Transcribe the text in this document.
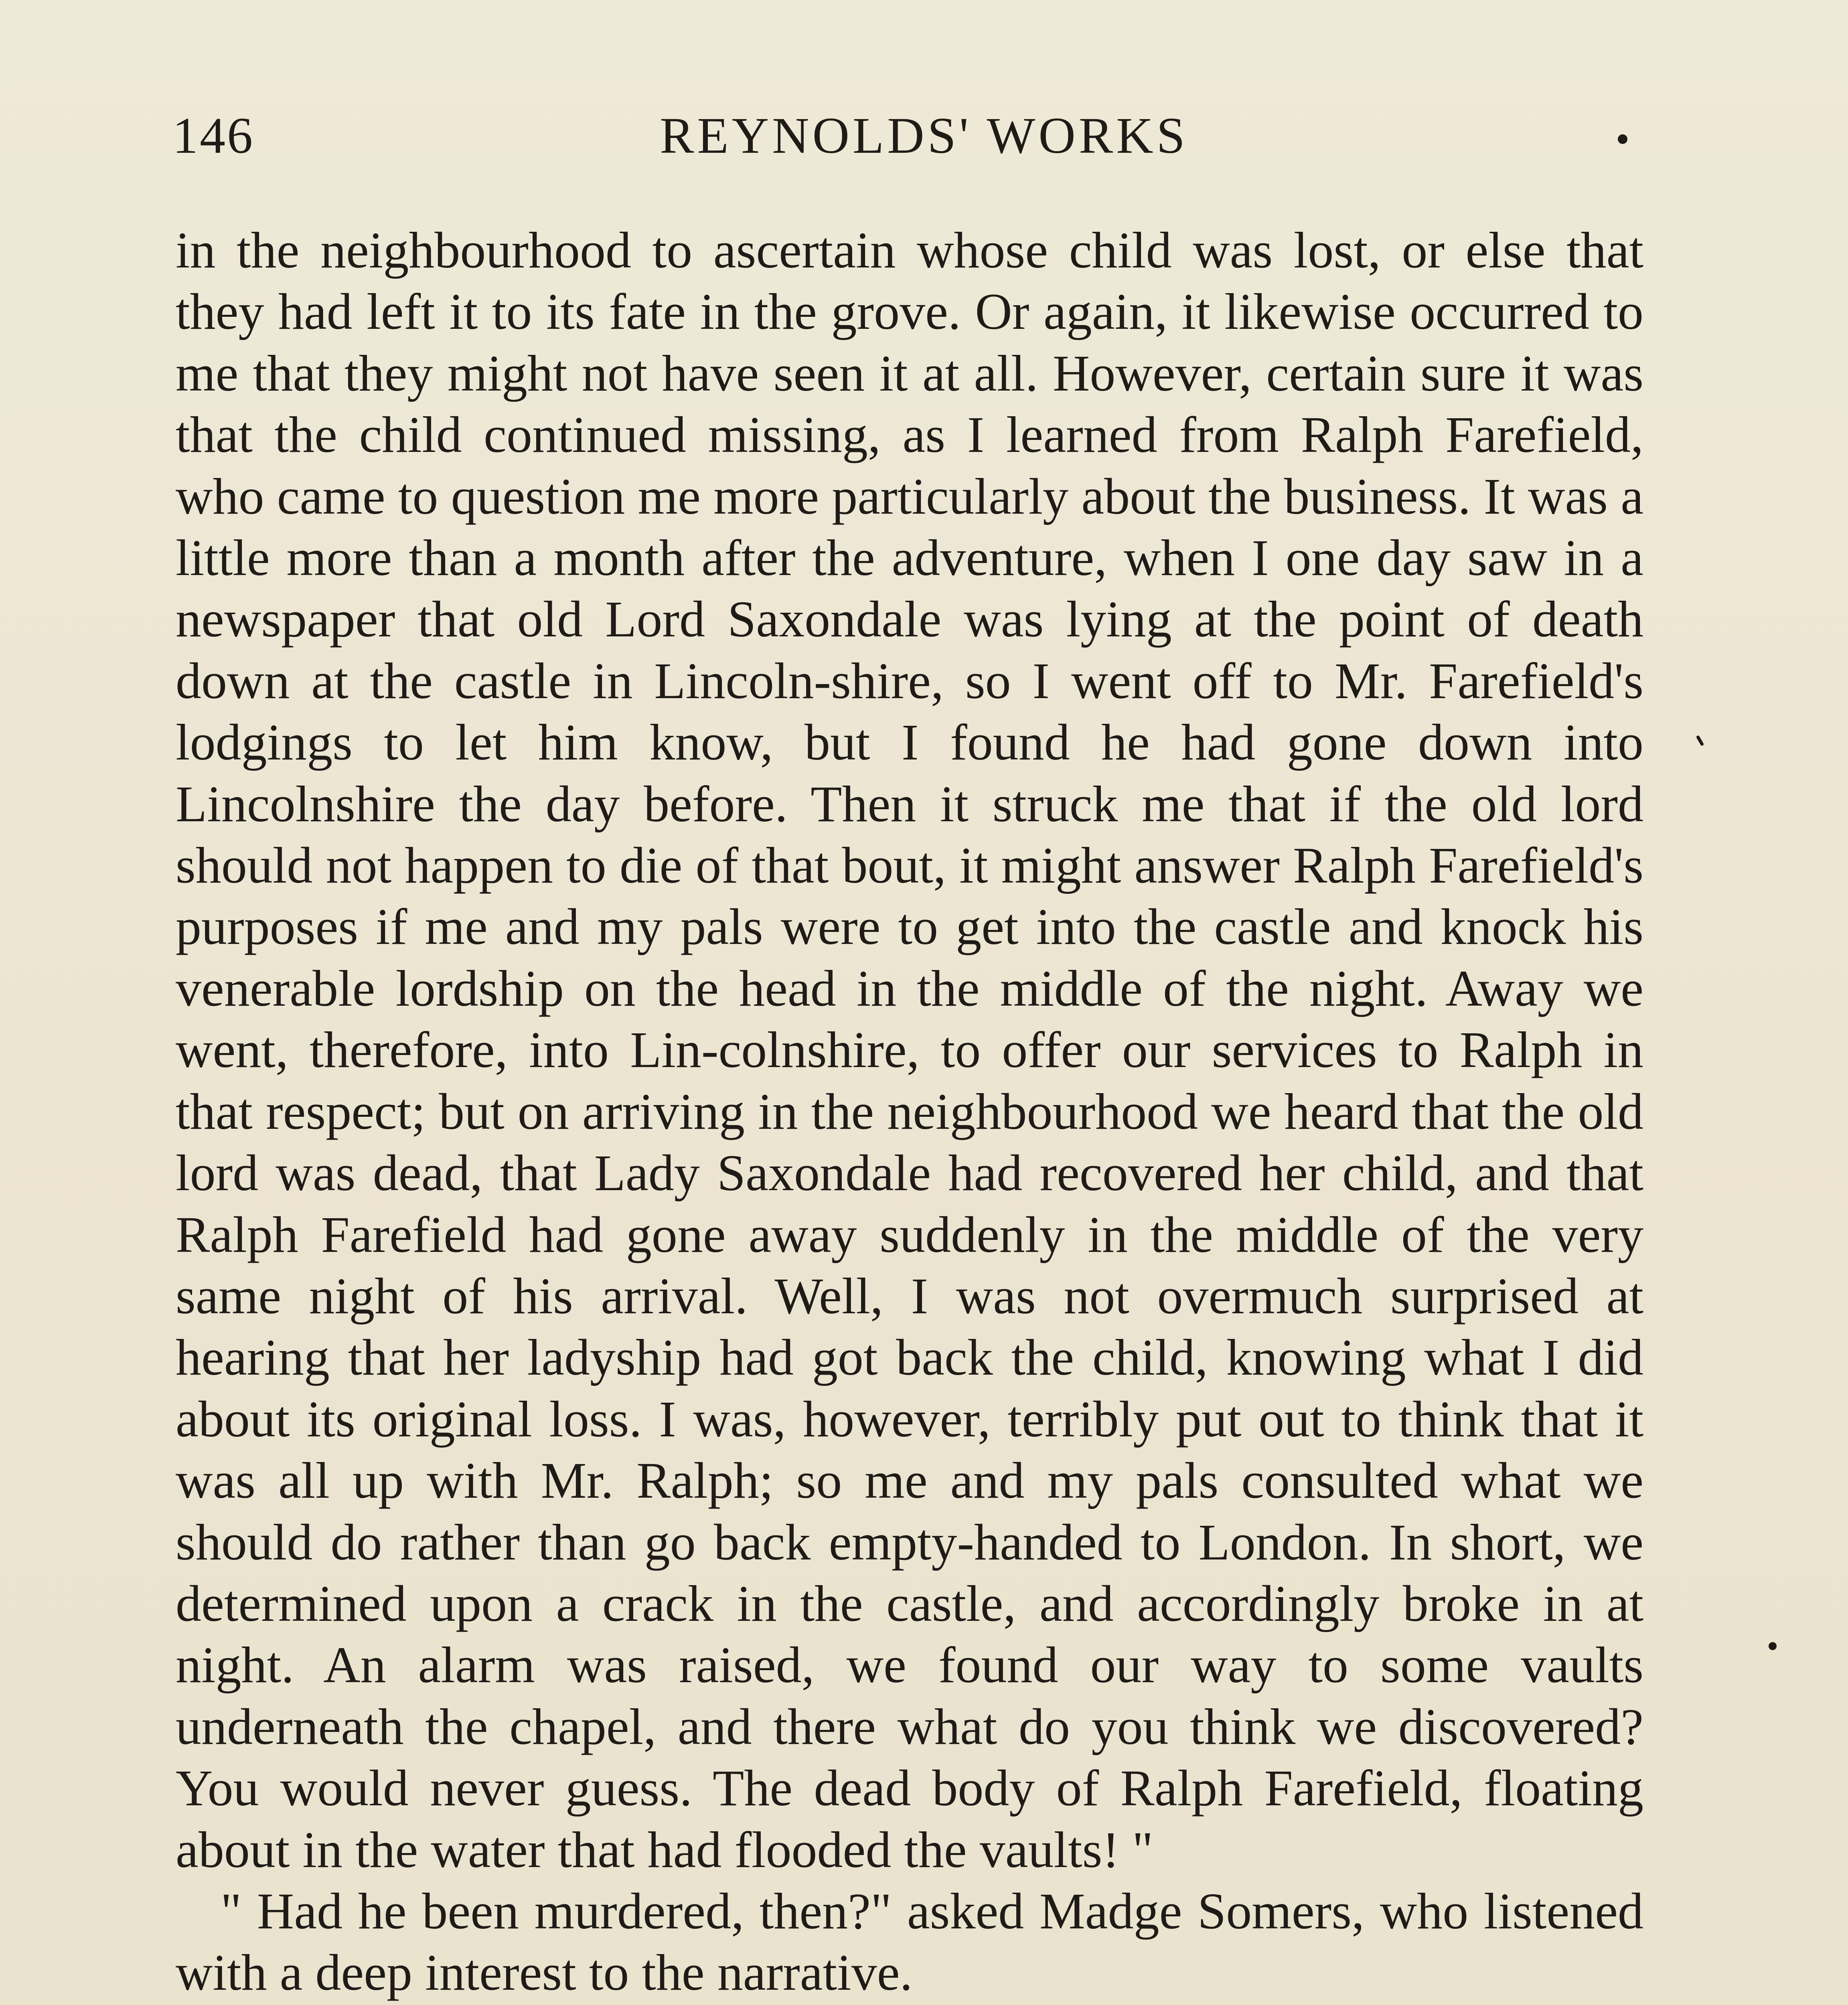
146	REYNOLDS' WORKS

in the neighbourhood to ascertain whose child was lost, or else that they had left it to its fate in the grove. Or again, it likewise occurred to me that they might not have seen it at all. However, certain sure it was that the child continued missing, as I learned from Ralph Farefield, who came to question me more particularly about the business. It was a little more than a month after the adventure, when I one day saw in a newspaper that old Lord Saxondale was lying at the point of death down at the castle in Lincoln-shire, so I went off to Mr. Farefield's lodgings to let him know, but I found he had gone down into Lincolnshire the day before. Then it struck me that if the old lord should not happen to die of that bout, it might answer Ralph Farefield's purposes if me and my pals were to get into the castle and knock his venerable lordship on the head in the middle of the night. Away we went, therefore, into Lin-colnshire, to offer our services to Ralph in that respect; but on arriving in the neighbourhood we heard that the old lord was dead, that Lady Saxondale had recovered her child, and that Ralph Farefield had gone away suddenly in the middle of the very same night of his arrival. Well, I was not overmuch surprised at hearing that her ladyship had got back the child, knowing what I did about its original loss. I was, however, terribly put out to think that it was all up with Mr. Ralph; so me and my pals consulted what we should do rather than go back empty-handed to London. In short, we determined upon a crack in the castle, and accordingly broke in at night. An alarm was raised, we found our way to some vaults underneath the chapel, and there what do you think we discovered? You would never guess. The dead body of Ralph Farefield, floating about in the water that had flooded the vaults! "

" Had he been murdered, then?" asked Madge Somers, who listened with a deep interest to the narrative.
